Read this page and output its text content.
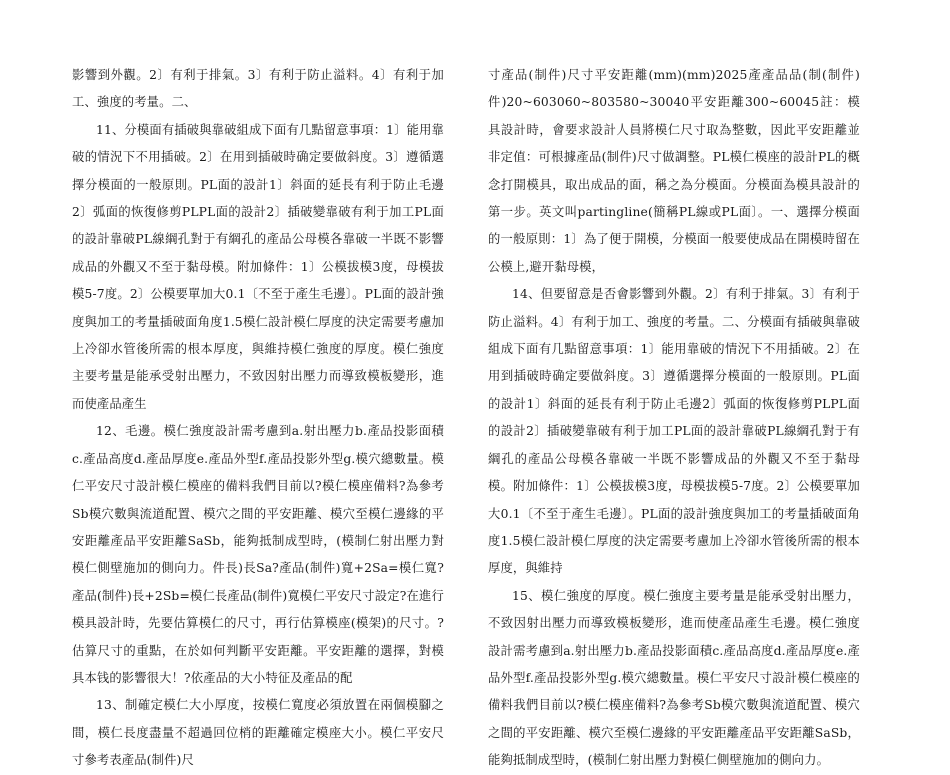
影響到外觀。2〕有利于排氣。3〕有利于防止溢料。4〕有利于加工、強度的考量。二、

11、分模面有插破與靠破組成下面有几點留意事項：1〕能用靠破的情況下不用插破。2〕在用到插破時确定要做斜度。3〕遵循選擇分模面的一般原則。PL面的設計1〕斜面的延長有利于防止毛邊2〕弧面的恢復修剪PLPL面的設計2〕插破變靠破有利于加工PL面的設計靠破PL線綱孔對于有綱孔的產品公母模各靠破一半既不影響成品的外觀又不至于黏母模。附加條件：1〕公模拔模3度，母模拔模5-7度。2〕公模要單加大0.1〔不至于產生毛邊〕。PL面的設計強度與加工的考量插破面角度1.5模仁設計模仁厚度的決定需要考慮加上冷卻水管後所需的根本厚度，與維持模仁強度的厚度。模仁強度主要考量是能承受射出壓力，不致因射出壓力而導致模板變形，進而使產品產生

12、毛邊。模仁強度設計需考慮到a.射出壓力b.產品投影面積c.產品高度d.產品厚度e.產品外型f.產品投影外型g.模穴總數量。模仁平安尺寸設計模仁模座的備料我們目前以?模仁模座備料?為參考Sb模穴數與流道配置、模穴之間的平安距離、模穴至模仁邊緣的平安距離產品平安距離SaSb，能夠抵制成型時，(模制仁射出壓力對模仁側壁施加的側向力。件長)長Sa?產品(制件)寬+2Sa=模仁寬?產品(制件)長+2Sb=模仁長產品(制件)寬模仁平安尺寸設定?在進行模具設計時，先要估算模仁的尺寸，再行估算模座(模架)的尺寸。?估算尺寸的重點，在於如何判斷平安距離。平安距離的選擇，對模具本钱的影響很大！?依產品的大小特征及產品的配

13、制確定模仁大小厚度，按模仁寬度必須放置在兩個模腳之間，模仁長度盡量不超過回位梢的距離確定模座大小。模仁平安尺寸參考表產品(制件)尺

寸產品(制件)尺寸平安距離(mm)(mm)2025產產品品(制(制件)件)20~603060~803580~30040平安距離300~60045註：模具設計時，會要求設計人員將模仁尺寸取為整數，因此平安距離並非定值：可根據產品(制件)尺寸做調整。PL模仁模座的設計PL的概念打開模具，取出成品的面，稱之為分模面。分模面為模具設計的第一步。英文叫partingline(簡稱PL線或PL面〕。一、選擇分模面的一般原則：1〕為了便于開模，分模面一般要使成品在開模時留在公模上,避开黏母模，

14、但要留意是否會影響到外觀。2〕有利于排氣。3〕有利于防止溢料。4〕有利于加工、強度的考量。二、分模面有插破與靠破組成下面有几點留意事項：1〕能用靠破的情況下不用插破。2〕在用到插破時确定要做斜度。3〕遵循選擇分模面的一般原則。PL面的設計1〕斜面的延長有利于防止毛邊2〕弧面的恢復修剪PLPL面的設計2〕插破變靠破有利于加工PL面的設計靠破PL線綱孔對于有綱孔的產品公母模各靠破一半既不影響成品的外觀又不至于黏母模。附加條件：1〕公模拔模3度，母模拔模5-7度。2〕公模要單加大0.1〔不至于產生毛邊〕。PL面的設計強度與加工的考量插破面角度1.5模仁設計模仁厚度的決定需要考慮加上冷卻水管後所需的根本厚度，與維持

15、模仁強度的厚度。模仁強度主要考量是能承受射出壓力，不致因射出壓力而導致模板變形，進而使產品產生毛邊。模仁強度設計需考慮到a.射出壓力b.產品投影面積c.產品高度d.產品厚度e.產品外型f.產品投影外型g.模穴總數量。模仁平安尺寸設計模仁模座的備料我們目前以?模仁模座備料?為參考Sb模穴數與流道配置、模穴之間的平安距離、模穴至模仁邊緣的平安距離產品平安距離SaSb，能夠抵制成型時，(模制仁射出壓力對模仁側壁施加的側向力。
